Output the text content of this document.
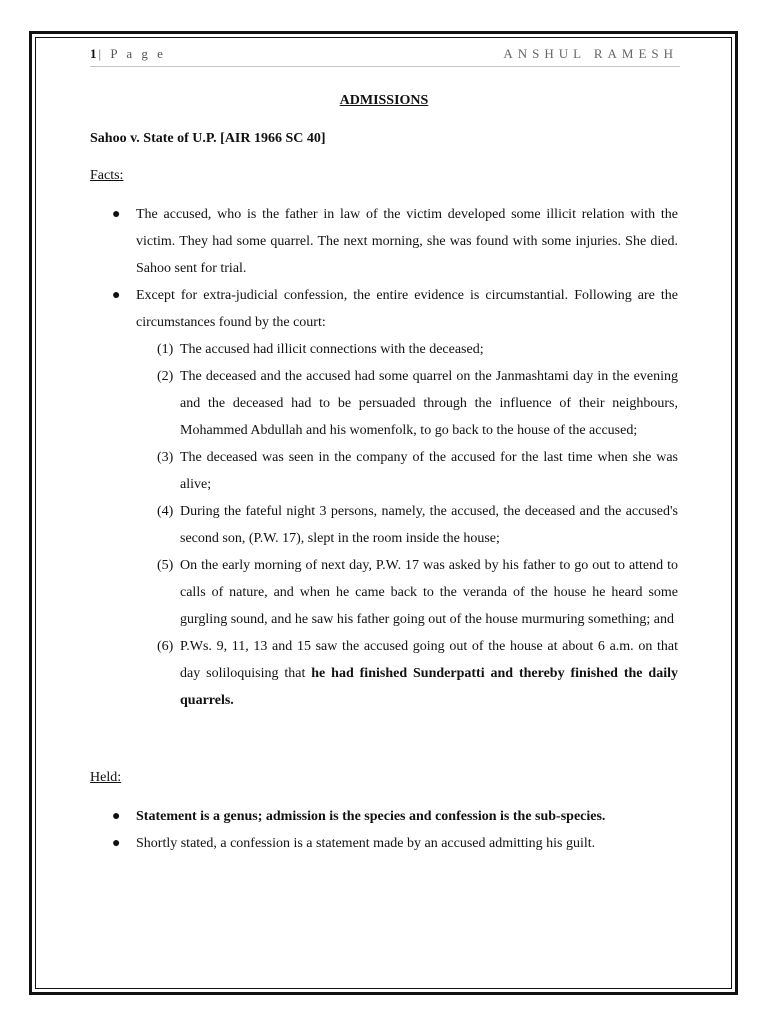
1 | P a g e	ANSHUL RAMESH
ADMISSIONS
Sahoo v. State of U.P. [AIR 1966 SC 40]
Facts:
● The accused, who is the father in law of the victim developed some illicit relation with the victim. They had some quarrel. The next morning, she was found with some injuries. She died. Sahoo sent for trial.
● Except for extra-judicial confession, the entire evidence is circumstantial. Following are the circumstances found by the court:
(1) The accused had illicit connections with the deceased;
(2) The deceased and the accused had some quarrel on the Janmashtami day in the evening and the deceased had to be persuaded through the influence of their neighbours, Mohammed Abdullah and his womenfolk, to go back to the house of the accused;
(3) The deceased was seen in the company of the accused for the last time when she was alive;
(4) During the fateful night 3 persons, namely, the accused, the deceased and the accused's second son, (P.W. 17), slept in the room inside the house;
(5) On the early morning of next day, P.W. 17 was asked by his father to go out to attend to calls of nature, and when he came back to the veranda of the house he heard some gurgling sound, and he saw his father going out of the house murmuring something; and
(6) P.Ws. 9, 11, 13 and 15 saw the accused going out of the house at about 6 a.m. on that day soliloquising that he had finished Sunderpatti and thereby finished the daily quarrels.
Held:
● Statement is a genus; admission is the species and confession is the sub-species.
● Shortly stated, a confession is a statement made by an accused admitting his guilt.
